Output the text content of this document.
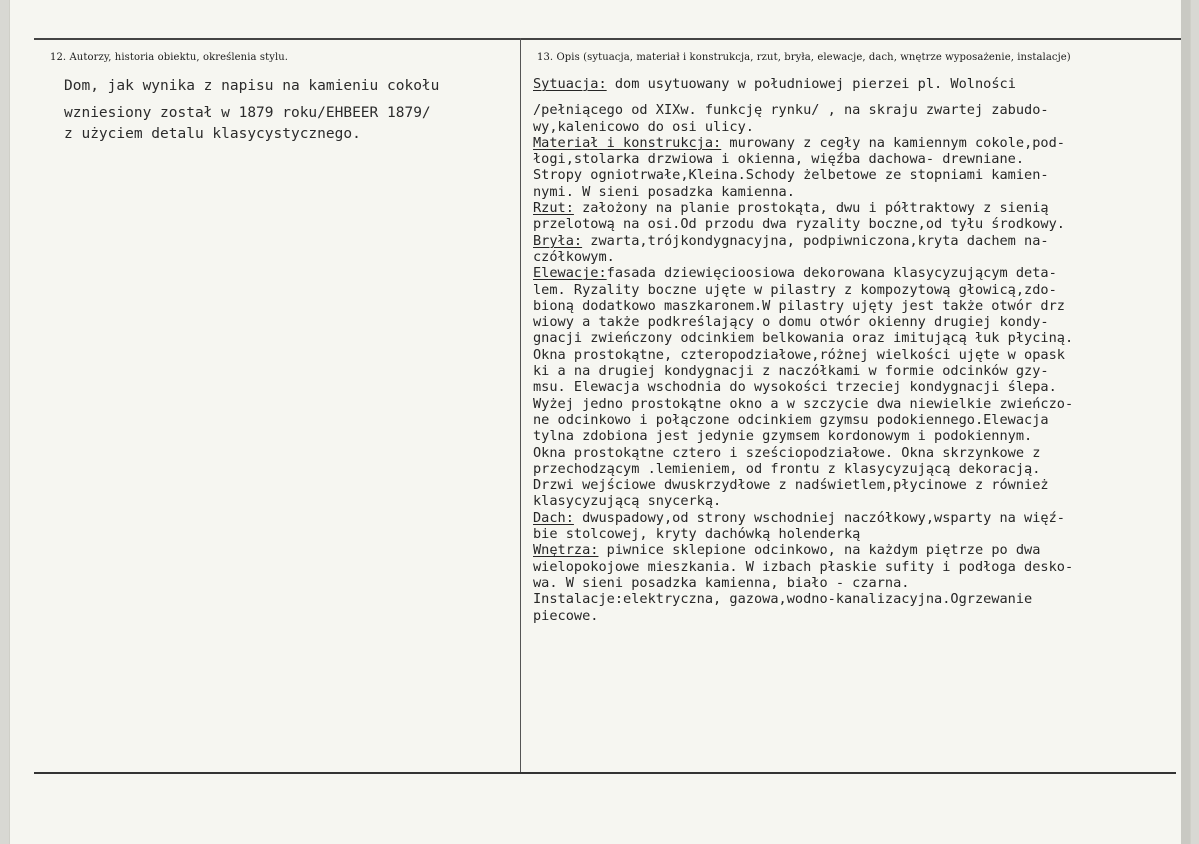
12. Autorzy, historia obiektu, określenia stylu.	13. Opis (sytuacja, materiał i konstrukcja, rzut, bryła, elewacje, dach, wnętrze wyposażenie, instalacje)
Dom, jak wynika z napisu na kamieniu cokołu
wzniesiony został w 1879 roku/EHBEER 1879/
z użyciem detalu klasycystycznego.
Sytuacja: dom usytuowany w południowej pierzei pl. Wolności
/pełniącego od XIXw. funkcję rynku/ , na skraju zwartej zabudo-
wy,kalenicowo do osi ulicy.
Materiał i konstrukcja: murowany z cegły na kamiennym cokole,pod-
łogi,stolarka drzwiowa i okienna, więźba dachowa- drewniane.
Stropy ogniotrwałe,Kleina.Schody żelbetowe ze stopniami kamien-
nymi. W sieni posadzka kamienna.
Rzut: założony na planie prostokąta, dwu i półtraktowy z sienią
przelotową na osi.Od przodu dwa ryzality boczne,od tyłu środkowy.
Bryła: zwarta,trójkondygnacyjna, podpiwniczona,kryta dachem na-
czółkowym.
Elewacje:fasada dziewięcioosiowa dekorowana klasycyzującym deta-
lem. Ryzality boczne ujęte w pilastry z kompozytową głowicą,zdo-
bioną dodatkowo maszkaronem.W pilastry ujęty jest także otwór drz
wiowy a także podkreślający o domu otwór okienny drugiej kondy-
gnacji zwieńczony odcinkiem belkowania oraz imitującą łuk płyciną.
Okna prostokątne, czteropodziałowe,różnej wielkości ujęte w opask
ki a na drugiej kondygnacji z naczółkami w formie odcinków gzy-
msu. Elewacja wschodnia do wysokości trzeciej kondygnacji ślepa.
Wyżej jedno prostokątne okno a w szczycie dwa niewielkie zwieńczo-
ne odcinkowo i połączone odcinkiem gzymsu podokiennego.Elewacja
tylna zdobiona jest jedynie gzymsem kordonowym i podokiennym.
Okna prostokątne cztero i sześciopodziałowe. Okna skrzynkowe z
przechodzącym .lemieniem, od frontu z klasycyzującą dekoracją.
Drzwi wejściowe dwuskrzydłowe z nadświetlem,płycinowe z również
klasycyzującą snycerką.
Dach: dwuspadowy,od strony wschodniej naczółkowy,wsparty na więź-
bie stolcowej, kryty dachówką holenderką
Wnętrza: piwnice sklepione odcinkowo, na każdym piętrze po dwa
wielopokojowe mieszkania. W izbach płaskie sufity i podłoga desko-
wa. W sieni posadzka kamienna, biało - czarna.
Instalacje:elektryczna, gazowa,wodno-kanalizacyjna.Ogrzewanie
piecowe.
